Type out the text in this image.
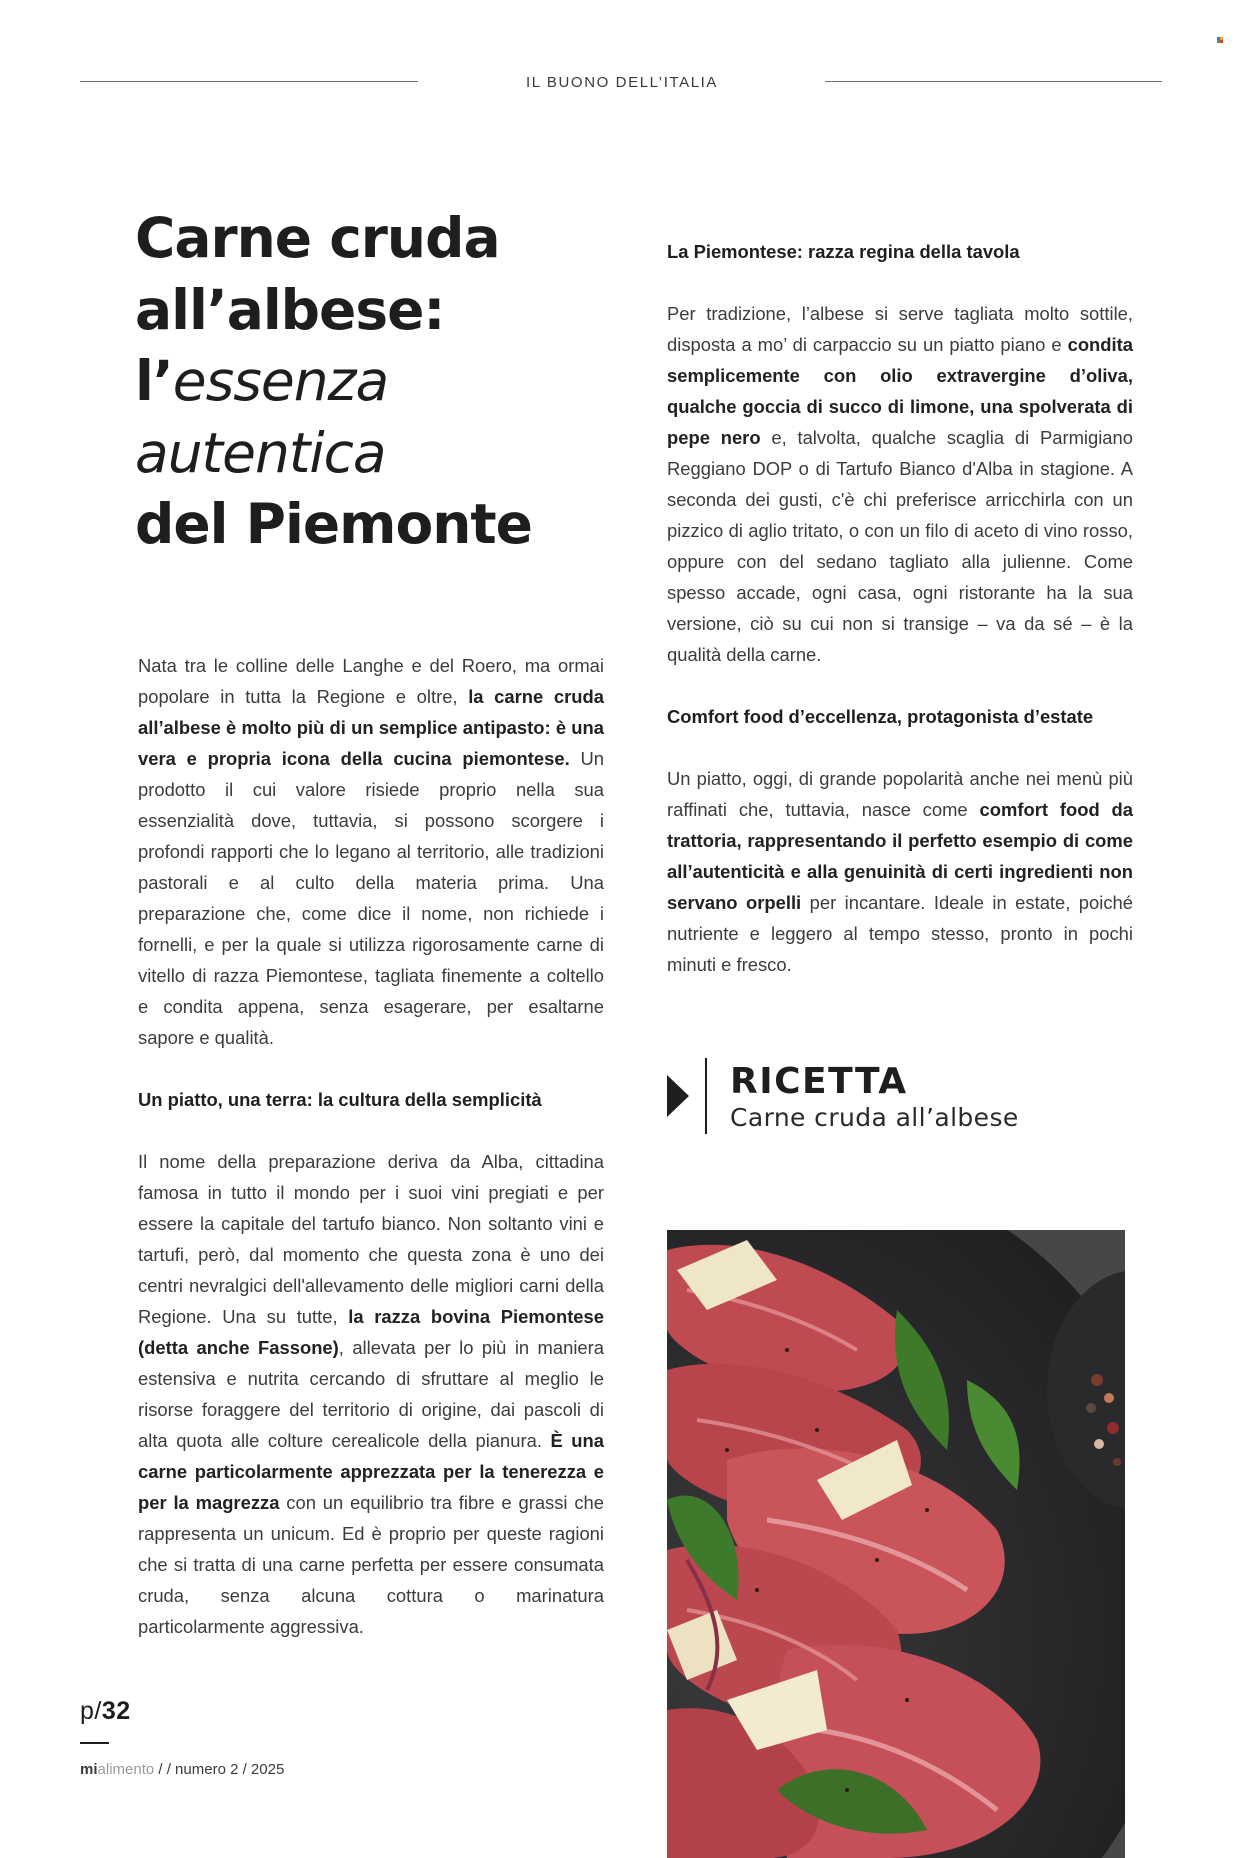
IL BUONO DELL’ITALIA
Carne cruda
all’albese:
l’essenza
autentica
del Piemonte

Nata tra le colline delle Langhe e del Roero, ma ormai popolare in tutta la Regione e oltre, la carne cruda all’albese è molto più di un semplice antipasto: è una vera e propria icona della cucina piemontese. Un prodotto il cui valore risiede proprio nella sua essenzialità dove, tuttavia, si possono scorgere i profondi rapporti che lo legano al territorio, alle tradizioni pastorali e al culto della materia prima. Una preparazione che, come dice il nome, non richiede i fornelli, e per la quale si utilizza rigorosamente carne di vitello di razza Piemontese, tagliata finemente a coltello e condita appena, senza esagerare, per esaltarne sapore e qualità.

Un piatto, una terra: la cultura della semplicità

Il nome della preparazione deriva da Alba, cittadina famosa in tutto il mondo per i suoi vini pregiati e per essere la capitale del tartufo bianco. Non soltanto vini e tartufi, però, dal momento che questa zona è uno dei centri nevralgici dell'allevamento delle migliori carni della Regione. Una su tutte, la razza bovina Piemontese (detta anche Fassone), allevata per lo più in maniera estensiva e nutrita cercando di sfruttare al meglio le risorse foraggere del territorio di origine, dai pascoli di alta quota alle colture cerealicole della pianura. È una carne particolarmente apprezzata per la tenerezza e per la magrezza con un equilibrio tra fibre e grassi che rappresenta un unicum. Ed è proprio per queste ragioni che si tratta di una carne perfetta per essere consumata cruda, senza alcuna cottura o marinatura particolarmente aggressiva.

La Piemontese: razza regina della tavola

Per tradizione, l’albese si serve tagliata molto sottile, disposta a mo’ di carpaccio su un piatto piano e condita semplicemente con olio extravergine d’oliva, qualche goccia di succo di limone, una spolverata di pepe nero e, talvolta, qualche scaglia di Parmigiano Reggiano DOP o di Tartufo Bianco d'Alba in stagione. A seconda dei gusti, c'è chi preferisce arricchirla con un pizzico di aglio tritato, o con un filo di aceto di vino rosso, oppure con del sedano tagliato alla julienne. Come spesso accade, ogni casa, ogni ristorante ha la sua versione, ciò su cui non si transige – va da sé – è la qualità della carne.

Comfort food d’eccellenza, protagonista d’estate

Un piatto, oggi, di grande popolarità anche nei menù più raffinati che, tuttavia, nasce come comfort food da trattoria, rappresentando il perfetto esempio di come all’autenticità e alla genuinità di certi ingredienti non servano orpelli per incantare. Ideale in estate, poiché nutriente e leggero al tempo stesso, pronto in pochi minuti e fresco.

RICETTA
Carne cruda all’albese
p/32
mialimento / / numero 2 / 2025
